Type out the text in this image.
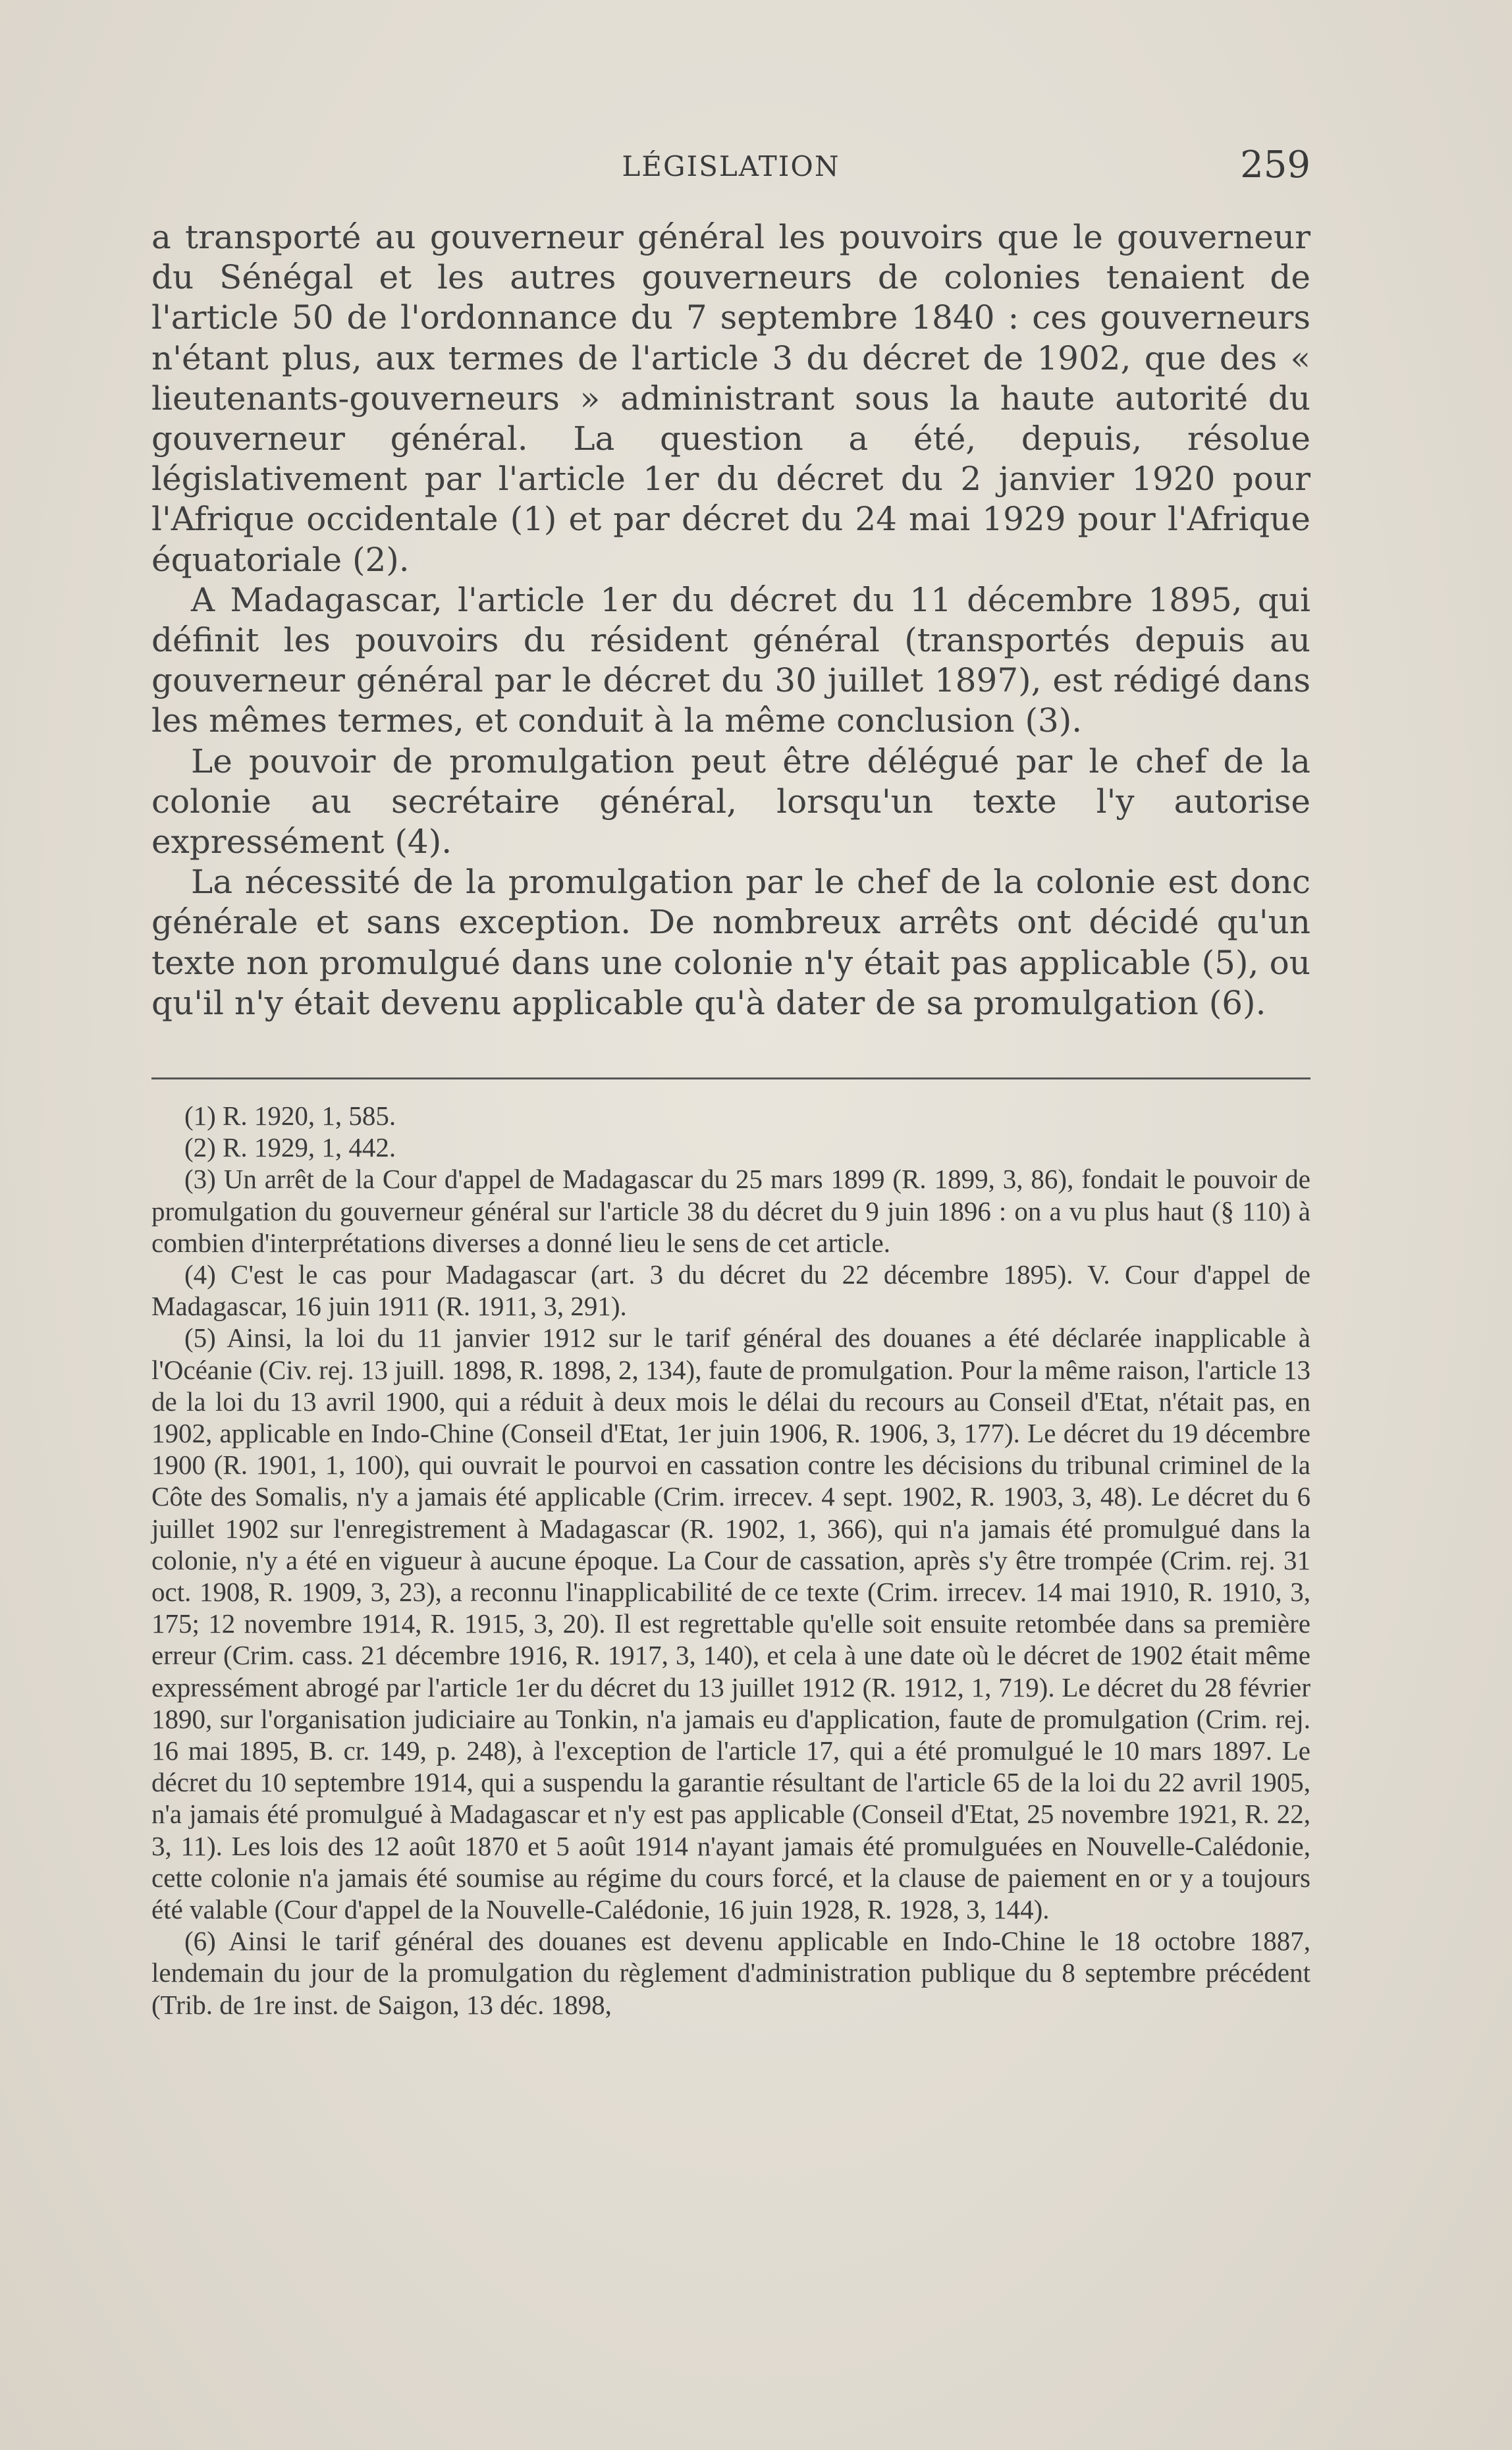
LÉGISLATION	259

a transporté au gouverneur général les pouvoirs que le gouverneur du Sénégal et les autres gouverneurs de colonies tenaient de l'article 50 de l'ordonnance du 7 septembre 1840 : ces gouverneurs n'étant plus, aux termes de l'article 3 du décret de 1902, que des « lieutenants-gouverneurs » administrant sous la haute autorité du gouverneur général. La question a été, depuis, résolue législativement par l'article 1er du décret du 2 janvier 1920 pour l'Afrique occidentale (1) et par décret du 24 mai 1929 pour l'Afrique équatoriale (2).

A Madagascar, l'article 1er du décret du 11 décembre 1895, qui définit les pouvoirs du résident général (transportés depuis au gouverneur général par le décret du 30 juillet 1897), est rédigé dans les mêmes termes, et conduit à la même conclusion (3).

Le pouvoir de promulgation peut être délégué par le chef de la colonie au secrétaire général, lorsqu'un texte l'y autorise expressément (4).

La nécessité de la promulgation par le chef de la colonie est donc générale et sans exception. De nombreux arrêts ont décidé qu'un texte non promulgué dans une colonie n'y était pas applicable (5), ou qu'il n'y était devenu applicable qu'à dater de sa promulgation (6).

(1) R. 1920, 1, 585.

(2) R. 1929, 1, 442.

(3) Un arrêt de la Cour d'appel de Madagascar du 25 mars 1899 (R. 1899, 3, 86), fondait le pouvoir de promulgation du gouverneur général sur l'article 38 du décret du 9 juin 1896 : on a vu plus haut (§ 110) à combien d'interprétations diverses a donné lieu le sens de cet article.

(4) C'est le cas pour Madagascar (art. 3 du décret du 22 décembre 1895). V. Cour d'appel de Madagascar, 16 juin 1911 (R. 1911, 3, 291).

(5) Ainsi, la loi du 11 janvier 1912 sur le tarif général des douanes a été déclarée inapplicable à l'Océanie (Civ. rej. 13 juill. 1898, R. 1898, 2, 134), faute de promulgation. Pour la même raison, l'article 13 de la loi du 13 avril 1900, qui a réduit à deux mois le délai du recours au Conseil d'Etat, n'était pas, en 1902, applicable en Indo-Chine (Conseil d'Etat, 1er juin 1906, R. 1906, 3, 177). Le décret du 19 décembre 1900 (R. 1901, 1, 100), qui ouvrait le pourvoi en cassation contre les décisions du tribunal criminel de la Côte des Somalis, n'y a jamais été applicable (Crim. irrecev. 4 sept. 1902, R. 1903, 3, 48). Le décret du 6 juillet 1902 sur l'enregistrement à Madagascar (R. 1902, 1, 366), qui n'a jamais été promulgué dans la colonie, n'y a été en vigueur à aucune époque. La Cour de cassation, après s'y être trompée (Crim. rej. 31 oct. 1908, R. 1909, 3, 23), a reconnu l'inapplicabilité de ce texte (Crim. irrecev. 14 mai 1910, R. 1910, 3, 175; 12 novembre 1914, R. 1915, 3, 20). Il est regrettable qu'elle soit ensuite retombée dans sa première erreur (Crim. cass. 21 décembre 1916, R. 1917, 3, 140), et cela à une date où le décret de 1902 était même expressément abrogé par l'article 1er du décret du 13 juillet 1912 (R. 1912, 1, 719). Le décret du 28 février 1890, sur l'organisation judiciaire au Tonkin, n'a jamais eu d'application, faute de promulgation (Crim. rej. 16 mai 1895, B. cr. 149, p. 248), à l'exception de l'article 17, qui a été promulgué le 10 mars 1897. Le décret du 10 septembre 1914, qui a suspendu la garantie résultant de l'article 65 de la loi du 22 avril 1905, n'a jamais été promulgué à Madagascar et n'y est pas applicable (Conseil d'Etat, 25 novembre 1921, R. 22, 3, 11). Les lois des 12 août 1870 et 5 août 1914 n'ayant jamais été promulguées en Nouvelle-Calédonie, cette colonie n'a jamais été soumise au régime du cours forcé, et la clause de paiement en or y a toujours été valable (Cour d'appel de la Nouvelle-Calédonie, 16 juin 1928, R. 1928, 3, 144).

(6) Ainsi le tarif général des douanes est devenu applicable en Indo-Chine le 18 octobre 1887, lendemain du jour de la promulgation du règlement d'administration publique du 8 septembre précédent (Trib. de 1re inst. de Saigon, 13 déc. 1898,
